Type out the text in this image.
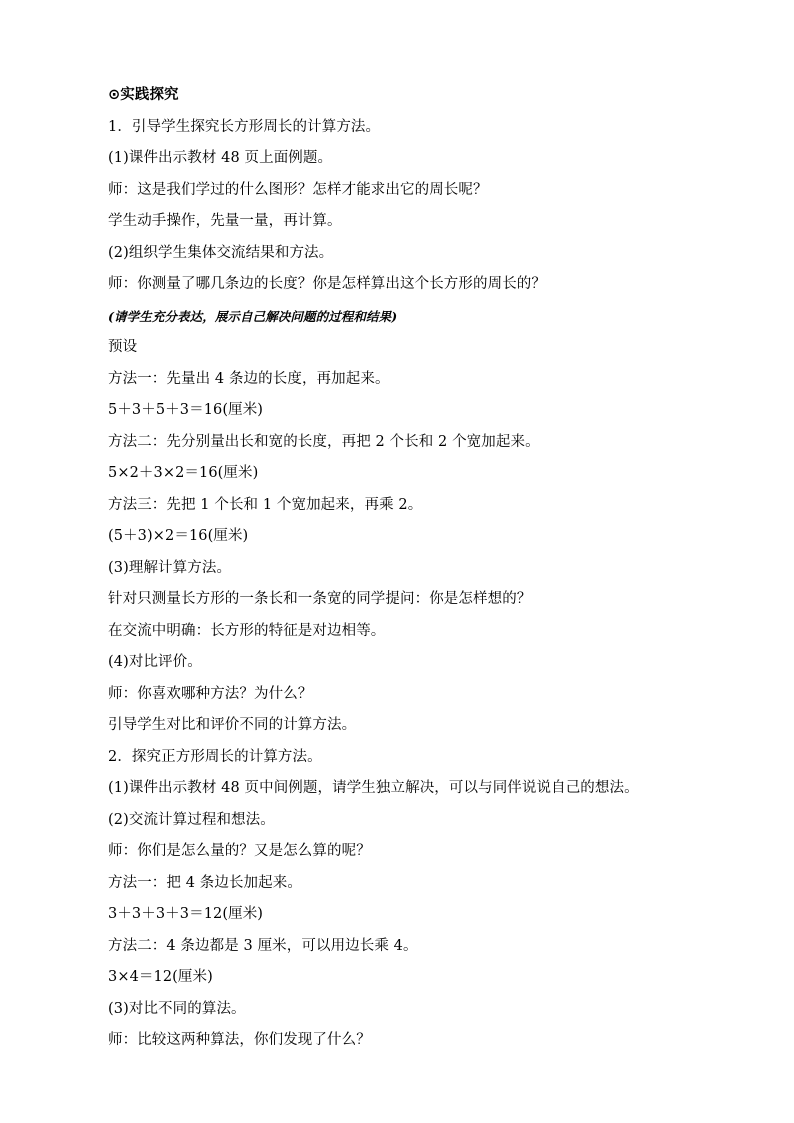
⊙实践探究
1．引导学生探究长方形周长的计算方法。
(1)课件出示教材 48 页上面例题。
师：这是我们学过的什么图形？怎样才能求出它的周长呢？
学生动手操作，先量一量，再计算。
(2)组织学生集体交流结果和方法。
师：你测量了哪几条边的长度？你是怎样算出这个长方形的周长的？
(请学生充分表达，展示自己解决问题的过程和结果)
预设
方法一：先量出 4 条边的长度，再加起来。
5＋3＋5＋3＝16(厘米)
方法二：先分别量出长和宽的长度，再把 2 个长和 2 个宽加起来。
5×2＋3×2＝16(厘米)
方法三：先把 1 个长和 1 个宽加起来，再乘 2。
(5＋3)×2＝16(厘米)
(3)理解计算方法。
针对只测量长方形的一条长和一条宽的同学提问：你是怎样想的？
在交流中明确：长方形的特征是对边相等。
(4)对比评价。
师：你喜欢哪种方法？为什么？
引导学生对比和评价不同的计算方法。
2．探究正方形周长的计算方法。
(1)课件出示教材 48 页中间例题，请学生独立解决，可以与同伴说说自己的想法。
(2)交流计算过程和想法。
师：你们是怎么量的？又是怎么算的呢？
方法一：把 4 条边长加起来。
3＋3＋3＋3＝12(厘米)
方法二：4 条边都是 3 厘米，可以用边长乘 4。
3×4＝12(厘米)
(3)对比不同的算法。
师：比较这两种算法，你们发现了什么？
